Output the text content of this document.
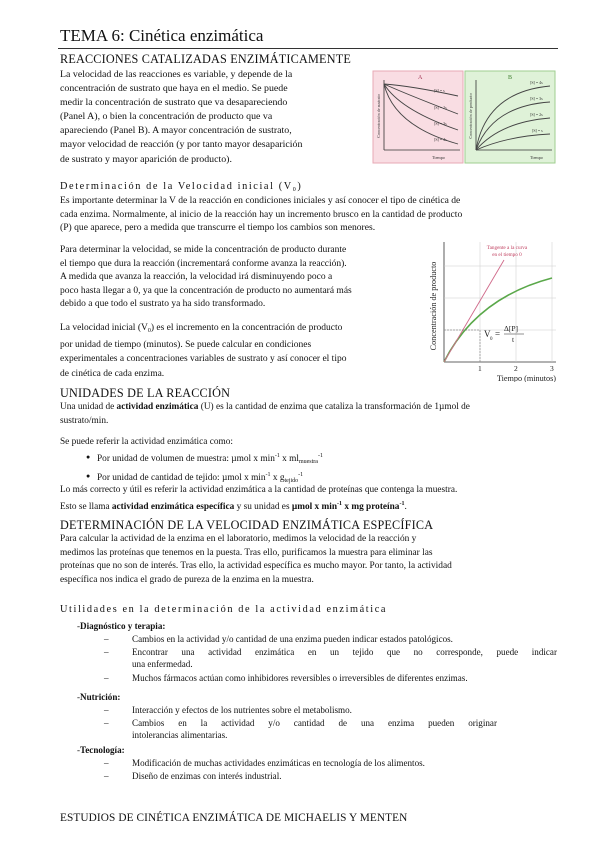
TEMA 6: Cinética enzimática
REACCIONES CATALIZADAS ENZIMÁTICAMENTE
La velocidad de las reacciones es variable, y depende de la
concentración de sustrato que haya en el medio. Se puede
medir la concentración de sustrato que va desapareciendo
(Panel A), o bien la concentración de producto que va
apareciendo (Panel B). A mayor concentración de sustrato,
mayor velocidad de reacción (y por tanto mayor desaparición
de sustrato y mayor aparición de producto).
A
Concentración de sustrato
[S] = s
[S] = 2s
[S] = 3s
[S] = 4s
Tiempo
B
Concentración de producto
[S] = 4s
[S] = 3s
[S] = 2s
[S] = s
Tiempo
Determinación de la Velocidad inicial $(V_0)$
Es importante determinar la V de la reacción en condiciones iniciales y así conocer el tipo de cinética de
cada enzima. Normalmente, al inicio de la reacción hay un incremento brusco en la cantidad de producto
(P) que aparece, pero a medida que transcurre el tiempo los cambios son menores.
Para determinar la velocidad, se mide la concentración de producto durante
el tiempo que dura la reacción (incrementará conforme avanza la reacción).
A medida que avanza la reacción, la velocidad irá disminuyendo poco a
poco hasta llegar a 0, ya que la concentración de producto no aumentará más
debido a que todo el sustrato ya ha sido transformado.
La velocidad inicial $(V_0)$ es el incremento en la concentración de producto
por unidad de tiempo (minutos). Se puede calcular en condiciones
experimentales a concentraciones variables de sustrato y así conocer el tipo
de cinética de cada enzima.
Concentración de producto
Tangente a la curva
en el tiempo 0
V
0
=
Δ[P]
t
1	2	3
Tiempo (minutos)
UNIDADES DE LA REACCIÓN
Una unidad de actividad enzimática (U) es la cantidad de enzima que cataliza la transformación de 1µmol de
sustrato/min.
Se puede referir la actividad enzimática como:
● Por unidad de volumen de muestra: µmol x $\min^{-1} x$ $ml_{muestra}^{-1}$
● Por unidad de cantidad de tejido: µmol x $\min^{-1} x$ $g_{tejido}^{-1}$
Lo más correcto y útil es referir la actividad enzimática a la cantidad de proteínas que contenga la muestra.
Esto se llama actividad enzimática específica y su unidad es µmol x $\min^{-1} x$ mg proteína$^{-1}$.
DETERMINACIÓN DE LA VELOCIDAD ENZIMÁTICA ESPECÍFICA
Para calcular la actividad de la enzima en el laboratorio, medimos la velocidad de la reacción y
medimos las proteínas que tenemos en la puesta. Tras ello, purificamos la muestra para eliminar las
proteínas que no son de interés. Tras ello, la actividad específica es mucho mayor. Por tanto, la actividad
específica nos indica el grado de pureza de la enzima en la muestra.
Utilidades en la determinación de la actividad enzimática
-Diagnóstico y terapia:
– Cambios en la actividad y/o cantidad de una enzima pueden indicar estados patológicos.
– Encontrar una actividad enzimática en un tejido que no corresponde, puede indicar
una enfermedad.
– Muchos fármacos actúan como inhibidores reversibles o irreversibles de diferentes enzimas.
-Nutrición:
– Interacción y efectos de los nutrientes sobre el metabolismo.
– Cambios en la actividad y/o cantidad de una enzima pueden originar
intolerancias alimentarias.
-Tecnología:
– Modificación de muchas actividades enzimáticas en tecnología de los alimentos.
– Diseño de enzimas con interés industrial.
ESTUDIOS DE CINÉTICA ENZIMÁTICA DE MICHAELIS Y MENTEN
